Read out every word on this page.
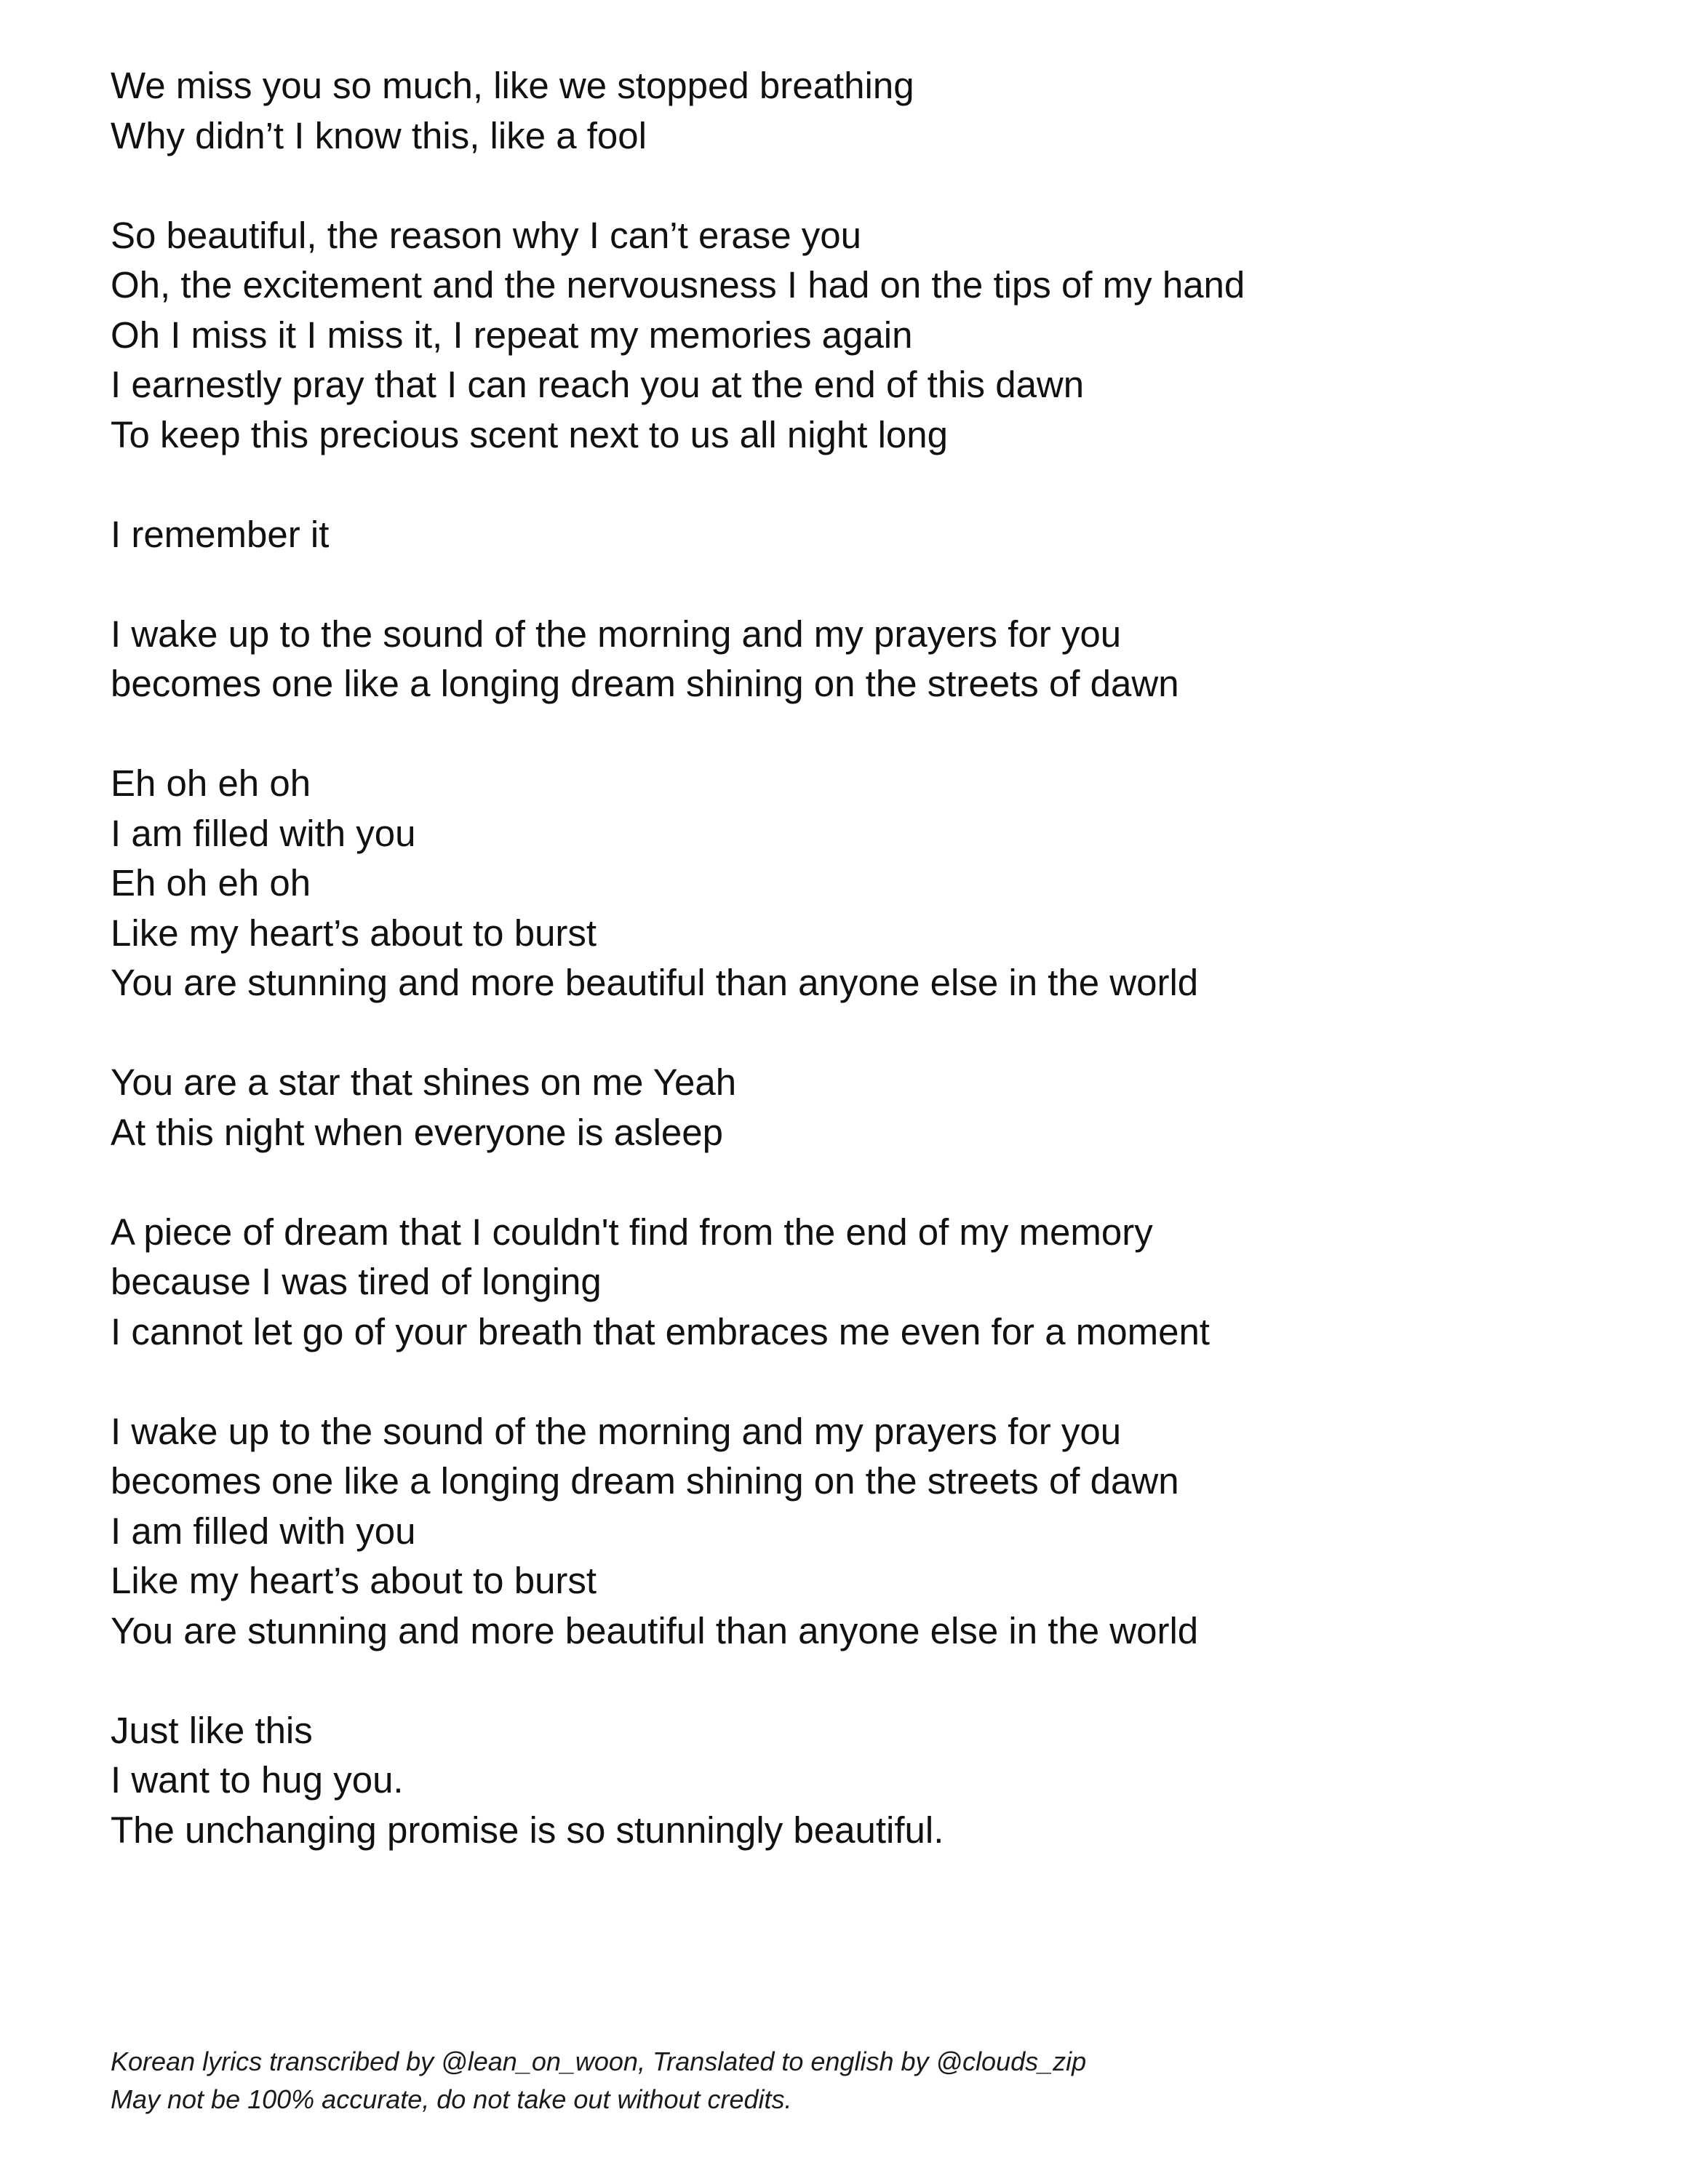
We miss you so much, like we stopped breathing
Why didn’t I know this, like a fool
So beautiful, the reason why I can’t erase you
Oh, the excitement and the nervousness I had on the tips of my hand
Oh I miss it I miss it, I repeat my memories again
I earnestly pray that I can reach you at the end of this dawn
To keep this precious scent next to us all night long
I remember it
I wake up to the sound of the morning and my prayers for you
becomes one like a longing dream shining on the streets of dawn
Eh oh eh oh
I am filled with you
Eh oh eh oh
Like my heart’s about to burst
You are stunning and more beautiful than anyone else in the world
You are a star that shines on me Yeah
At this night when everyone is asleep
A piece of dream that I couldn't find from the end of my memory
because I was tired of longing
I cannot let go of your breath that embraces me even for a moment
I wake up to the sound of the morning and my prayers for you
becomes one like a longing dream shining on the streets of dawn
I am filled with you
Like my heart’s about to burst
You are stunning and more beautiful than anyone else in the world
Just like this
I want to hug you.
The unchanging promise is so stunningly beautiful.
Korean lyrics transcribed by @lean_on_woon, Translated to english by @clouds_zip
May not be 100% accurate, do not take out without credits.
